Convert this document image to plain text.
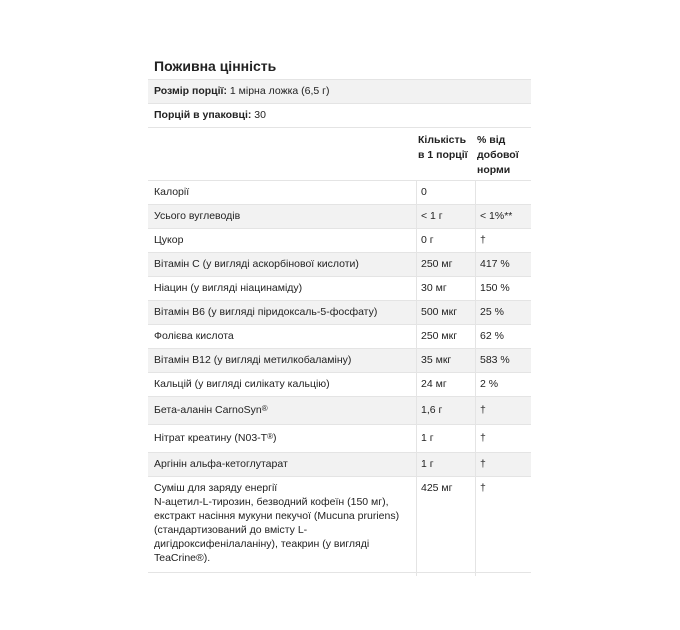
Поживна цінність
Розмір порції: 1 мірна ложка (6,5 г)
Порцій в упаковці: 30
Кількість
в 1 порції
% від
добової
норми
Калорії	0
Усього вуглеводів	< 1 г	< 1%**
Цукор	0 г	†
Вітамін С (у вигляді аскорбінової кислоти)	250 мг	417 %
Ніацин (у вигляді ніацинаміду)	30 мг	150 %
Вітамін B6 (у вигляді піридоксаль-5-фосфату)	500 мкг	25 %
Фолієва кислота	250 мкг	62 %
Вітамін B12 (у вигляді метилкобаламіну)	35 мкг	583 %
Кальцій (у вигляді силікату кальцію)	24 мг	2 %
Бета-аланін CarnoSyn®	1,6 г	†
Нітрат креатину (N03-T®)	1 г	†
Аргінін альфа-кетоглутарат	1 г	†
Суміш для заряду енергії
N-ацетил-L-тирозин, безводний кофеїн (150 мг),
екстракт насіння мукуни пекучої (Mucuna pruriens)
(стандартизований до вмісту L-
дигідроксифенілаланіну), теакрин (у вигляді
TeaCrine®).
425 мг	†
